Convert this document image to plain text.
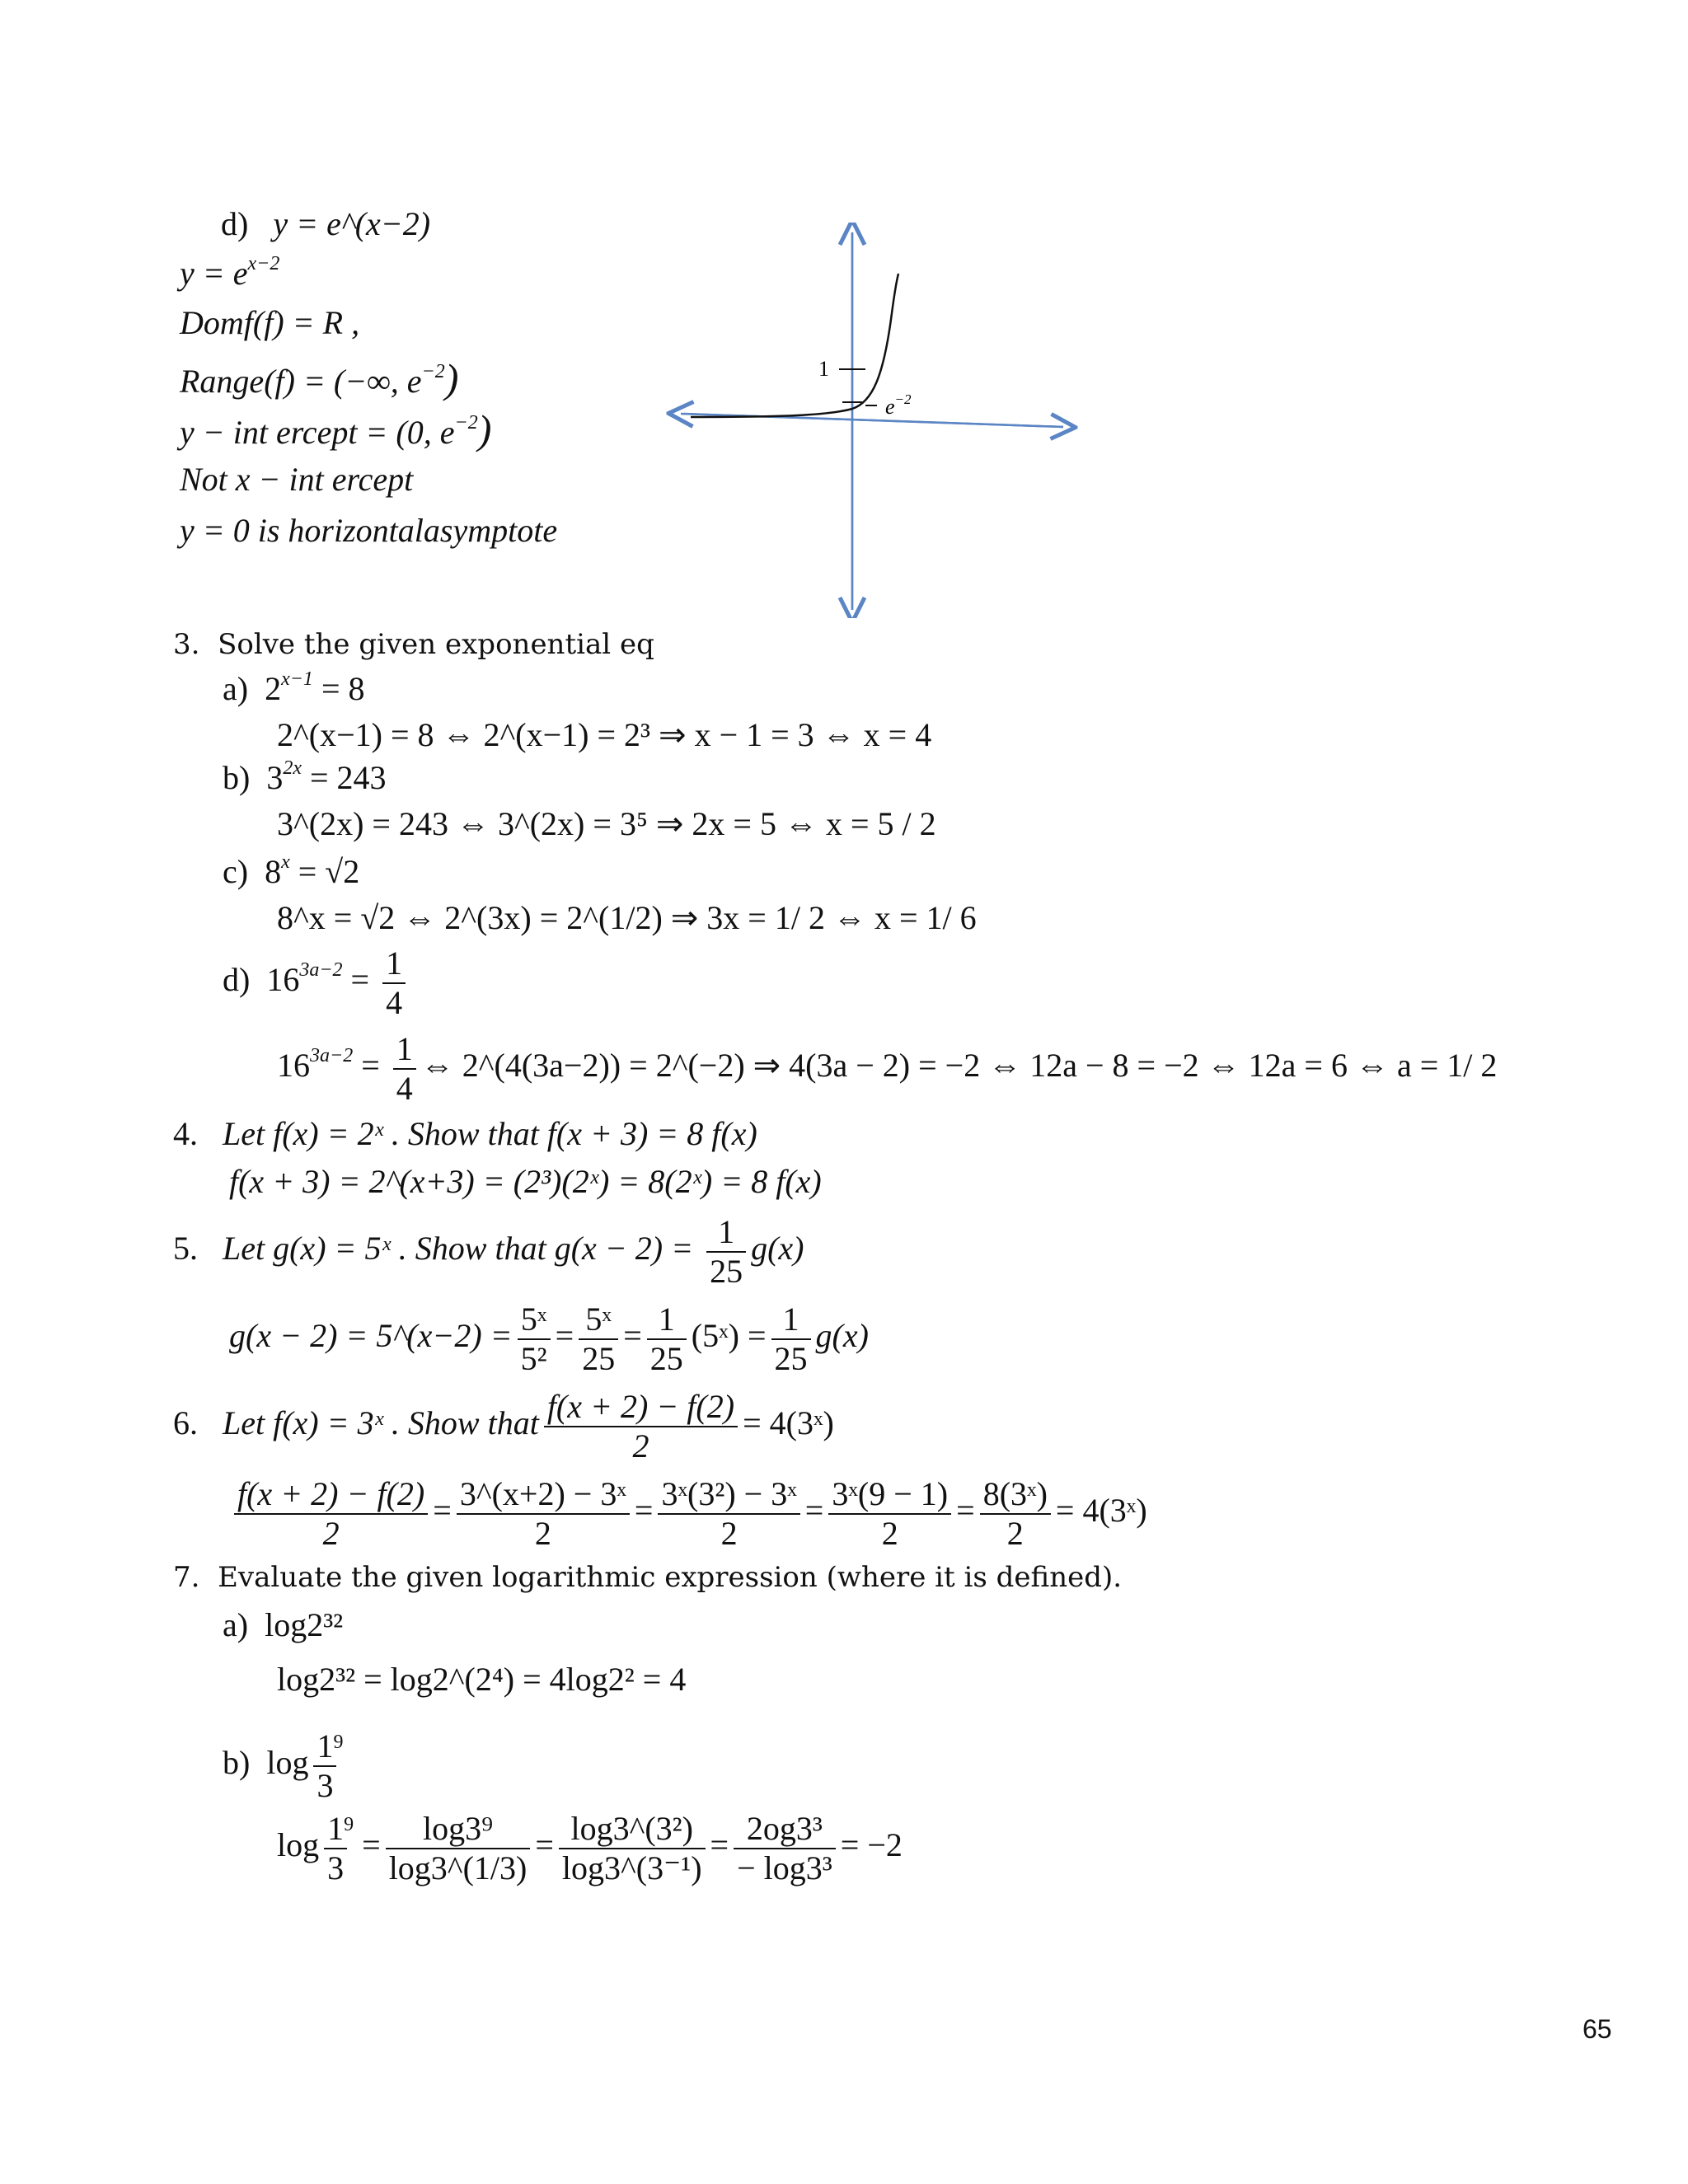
d) y = e^(x−2)
$y = e^{x-2}$
Domf(f) = R ,
Range(f) = (−∞, $e^{-2}$)
y − int ercept = (0, $e^{-2}$)
Not x − int ercept
y = 0 is horizontalasymptote
1
$e^{-2}$
3. Solve the given exponential eq
a) $2^{x-1} = 8$
2^(x−1) = 8 ⇔ 2^(x−1) = 2³ ⇒ x − 1 = 3 ⇔ x = 4
b) $3^{2x} = 243$
3^(2x) = 243 ⇔ 3^(2x) = 3⁵ ⇒ 2x = 5 ⇔ x = 5 / 2
c) $8^x = √2$
8^x = √2 ⇔ 2^(3x) = 2^(1/2) ⇒ 3x = 1/ 2 ⇔ x = 1/ 6
d) $16^{3a-2} = \frac{1}{4}$
$16^{3a-2} = \frac{1}{4}$ ⇔ 2^(4(3a−2)) = 2^(−2) ⇒ 4(3a − 2) = −2 ⇔ 12a − 8 = −2 ⇔ 12a = 6 ⇔ a = 1/ 2
4. Let f(x) = 2ˣ . Show that f(x + 3) = 8 f(x)
f(x + 3) = 2^(x+3) = (2³)(2ˣ) = 8(2ˣ) = 8 f(x)
5. Let g(x) = 5ˣ . Show that $g(x - 2) = \frac{1}{25} g(x)$
g(x − 2) = 5^(x−2) = $\frac{\text{5ˣ}}{\text{5²}} = \frac{\text{5ˣ}}{25} = \frac{1}{25}$ (5ˣ) = $\frac{1}{25} g(x)$
6. Let f(x) = 3ˣ . Show that $\frac{f(x + 2) - f(2)}{2}$ = 4(3ˣ)
$\frac{f(x + 2) - f(2)}{2} = \frac{\text{3\textasciicircum{}(x+2) − 3ˣ}}{2} = \frac{\text{3ˣ(3²) − 3ˣ}}{2} = \frac{\text{3ˣ(9 − 1)}}{2} = \frac{\text{8(3ˣ)}}{2}$ = 4(3ˣ)
7. Evaluate the given logarithmic expression (where it is defined).
a) log2³²
log2³² = log2^(2⁴) = 4log2² = 4
b) $\log \frac{1}{3}$
$^9$
$\log \frac{1}{3}$
$^9 = \frac{\text{log3⁹}}{\log 3\^{}(1/3)} = \frac{\text{log3\textasciicircum{}(3²)}}{\text{log3\textasciicircum{}(3⁻¹)}} = \frac{\text{2og3³}}{\text{− log3³}} = -2$
65
